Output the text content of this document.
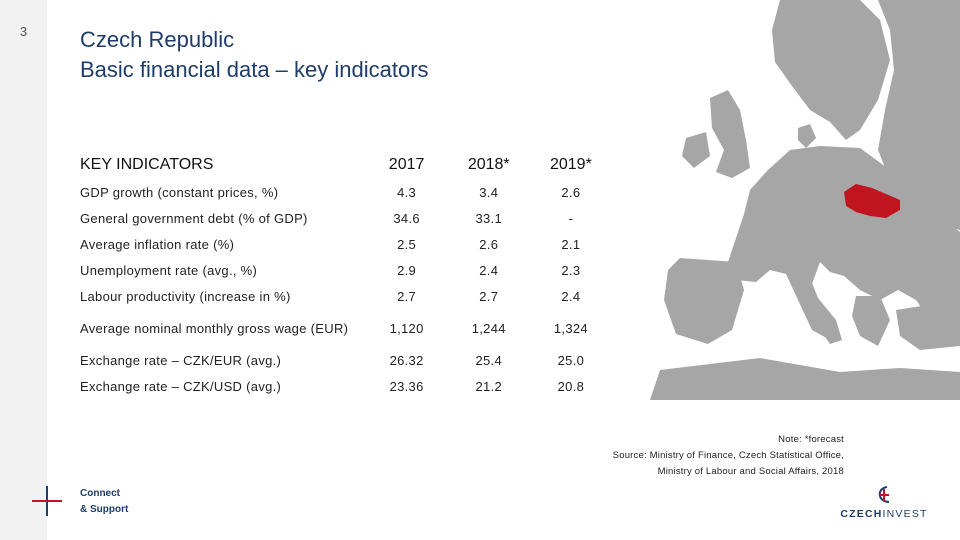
3	Czech Republic
Basic financial data – key indicators
KEY INDICATORS	2017	2018*	2019*
GDP growth (constant prices, %)	4.3	3.4	2.6
General government debt (% of GDP)	34.6	33.1	-
Average inflation rate (%)	2.5	2.6	2.1
Unemployment rate (avg., %)	2.9	2.4	2.3
Labour productivity (increase in %)	2.7	2.7	2.4
Average nominal monthly gross wage (EUR)	1,120	1,244	1,324
Exchange rate – CZK/EUR (avg.)	26.32	25.4	25.0
Exchange rate – CZK/USD (avg.)	23.36	21.2	20.8
Note: *forecast
Source: Ministry of Finance, Czech Statistical Office,
Ministry of Labour and Social Affairs, 2018
Connect
& Support	CZECHINVEST
